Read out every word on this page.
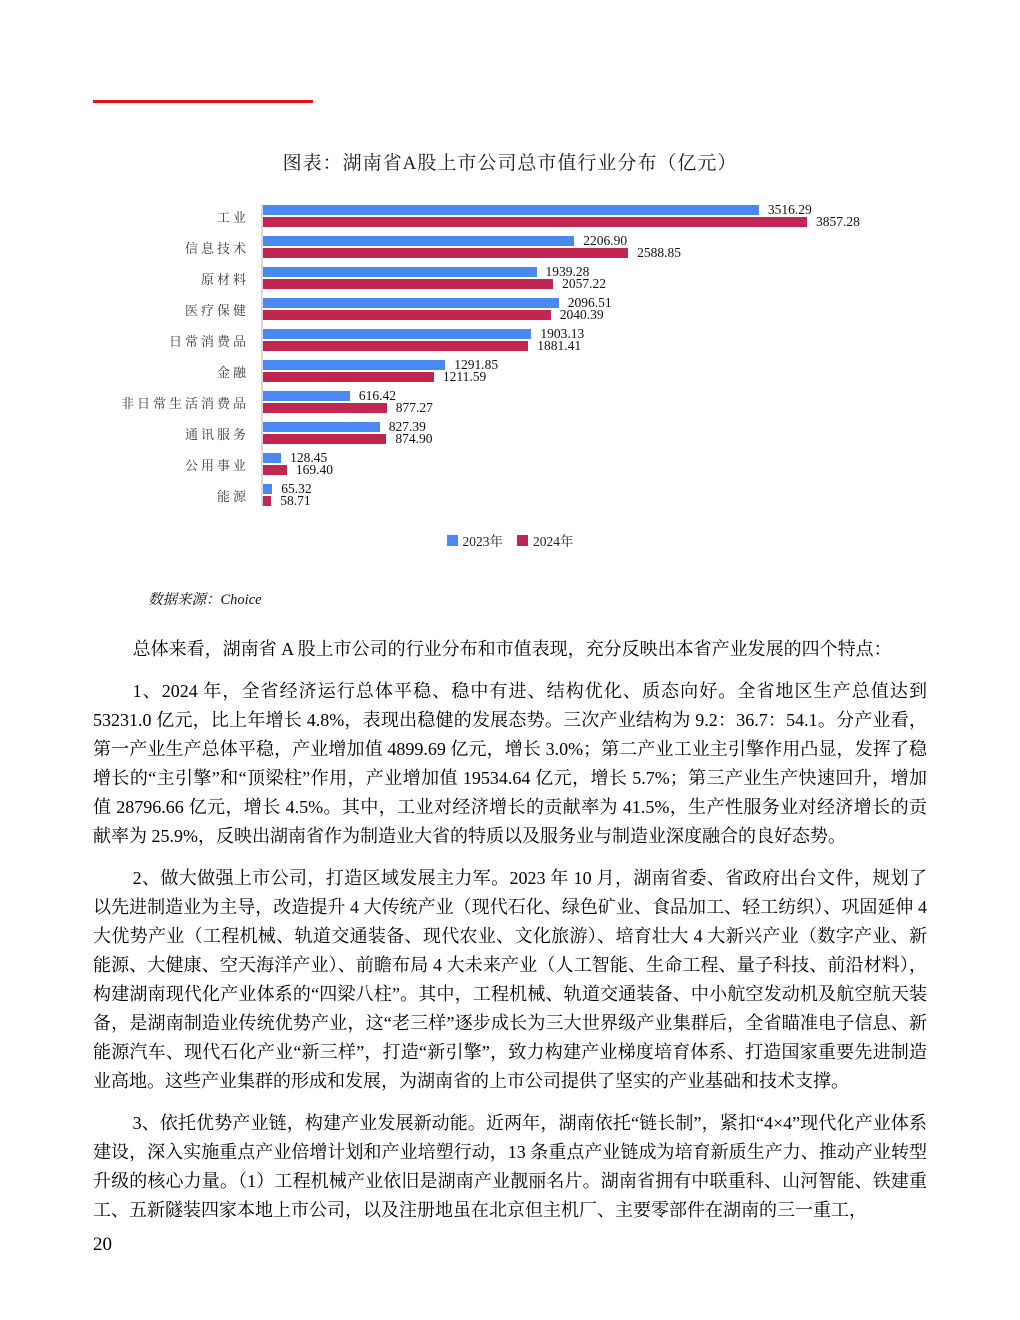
图表：湖南省A股上市公司总市值行业分布（亿元）
工业	3516.29
3857.28
信息技术	2206.90
2588.85
原材料	1939.28
2057.22
医疗保健	2096.51
2040.39
日常消费品	1903.13
1881.41
金融	1291.85
1211.59
非日常生活消费品	616.42
877.27
通讯服务	827.39
874.90
公用事业	128.45
169.40
能源	65.32
58.71
2023年 2024年
数据来源：Choice

总体来看，湖南省 A 股上市公司的行业分布和市值表现，充分反映出本省产业发展的四个特点：

1、2024 年，全省经济运行总体平稳、稳中有进、结构优化、质态向好。全省地区生产总值达到 53231.0 亿元，比上年增长 4.8%，表现出稳健的发展态势。三次产业结构为 9.2：36.7：54.1。分产业看，第一产业生产总体平稳，产业增加值 4899.69 亿元，增长 3.0%；第二产业工业主引擎作用凸显，发挥了稳增长的“主引擎”和“顶梁柱”作用，产业增加值 19534.64 亿元，增长 5.7%；第三产业生产快速回升，增加值 28796.66 亿元，增长 4.5%。其中，工业对经济增长的贡献率为 41.5%，生产性服务业对经济增长的贡献率为 25.9%，反映出湖南省作为制造业大省的特质以及服务业与制造业深度融合的良好态势。

2、做大做强上市公司，打造区域发展主力军。2023 年 10 月，湖南省委、省政府出台文件，规划了以先进制造业为主导，改造提升 4 大传统产业（现代石化、绿色矿业、食品加工、轻工纺织）、巩固延伸 4 大优势产业（工程机械、轨道交通装备、现代农业、文化旅游）、培育壮大 4 大新兴产业（数字产业、新能源、大健康、空天海洋产业）、前瞻布局 4 大未来产业（人工智能、生命工程、量子科技、前沿材料），构建湖南现代化产业体系的“四梁八柱”。其中，工程机械、轨道交通装备、中小航空发动机及航空航天装备，是湖南制造业传统优势产业，这“老三样”逐步成长为三大世界级产业集群后，全省瞄准电子信息、新能源汽车、现代石化产业“新三样”，打造“新引擎”，致力构建产业梯度培育体系、打造国家重要先进制造业高地。这些产业集群的形成和发展，为湖南省的上市公司提供了坚实的产业基础和技术支撑。

3、依托优势产业链，构建产业发展新动能。近两年，湖南依托“链长制”，紧扣“4×4”现代化产业体系建设，深入实施重点产业倍增计划和产业培塑行动，13 条重点产业链成为培育新质生产力、推动产业转型升级的核心力量。（1）工程机械产业依旧是湖南产业靓丽名片。湖南省拥有中联重科、山河智能、铁建重工、五新隧装四家本地上市公司，以及注册地虽在北京但主机厂、主要零部件在湖南的三一重工，

20
